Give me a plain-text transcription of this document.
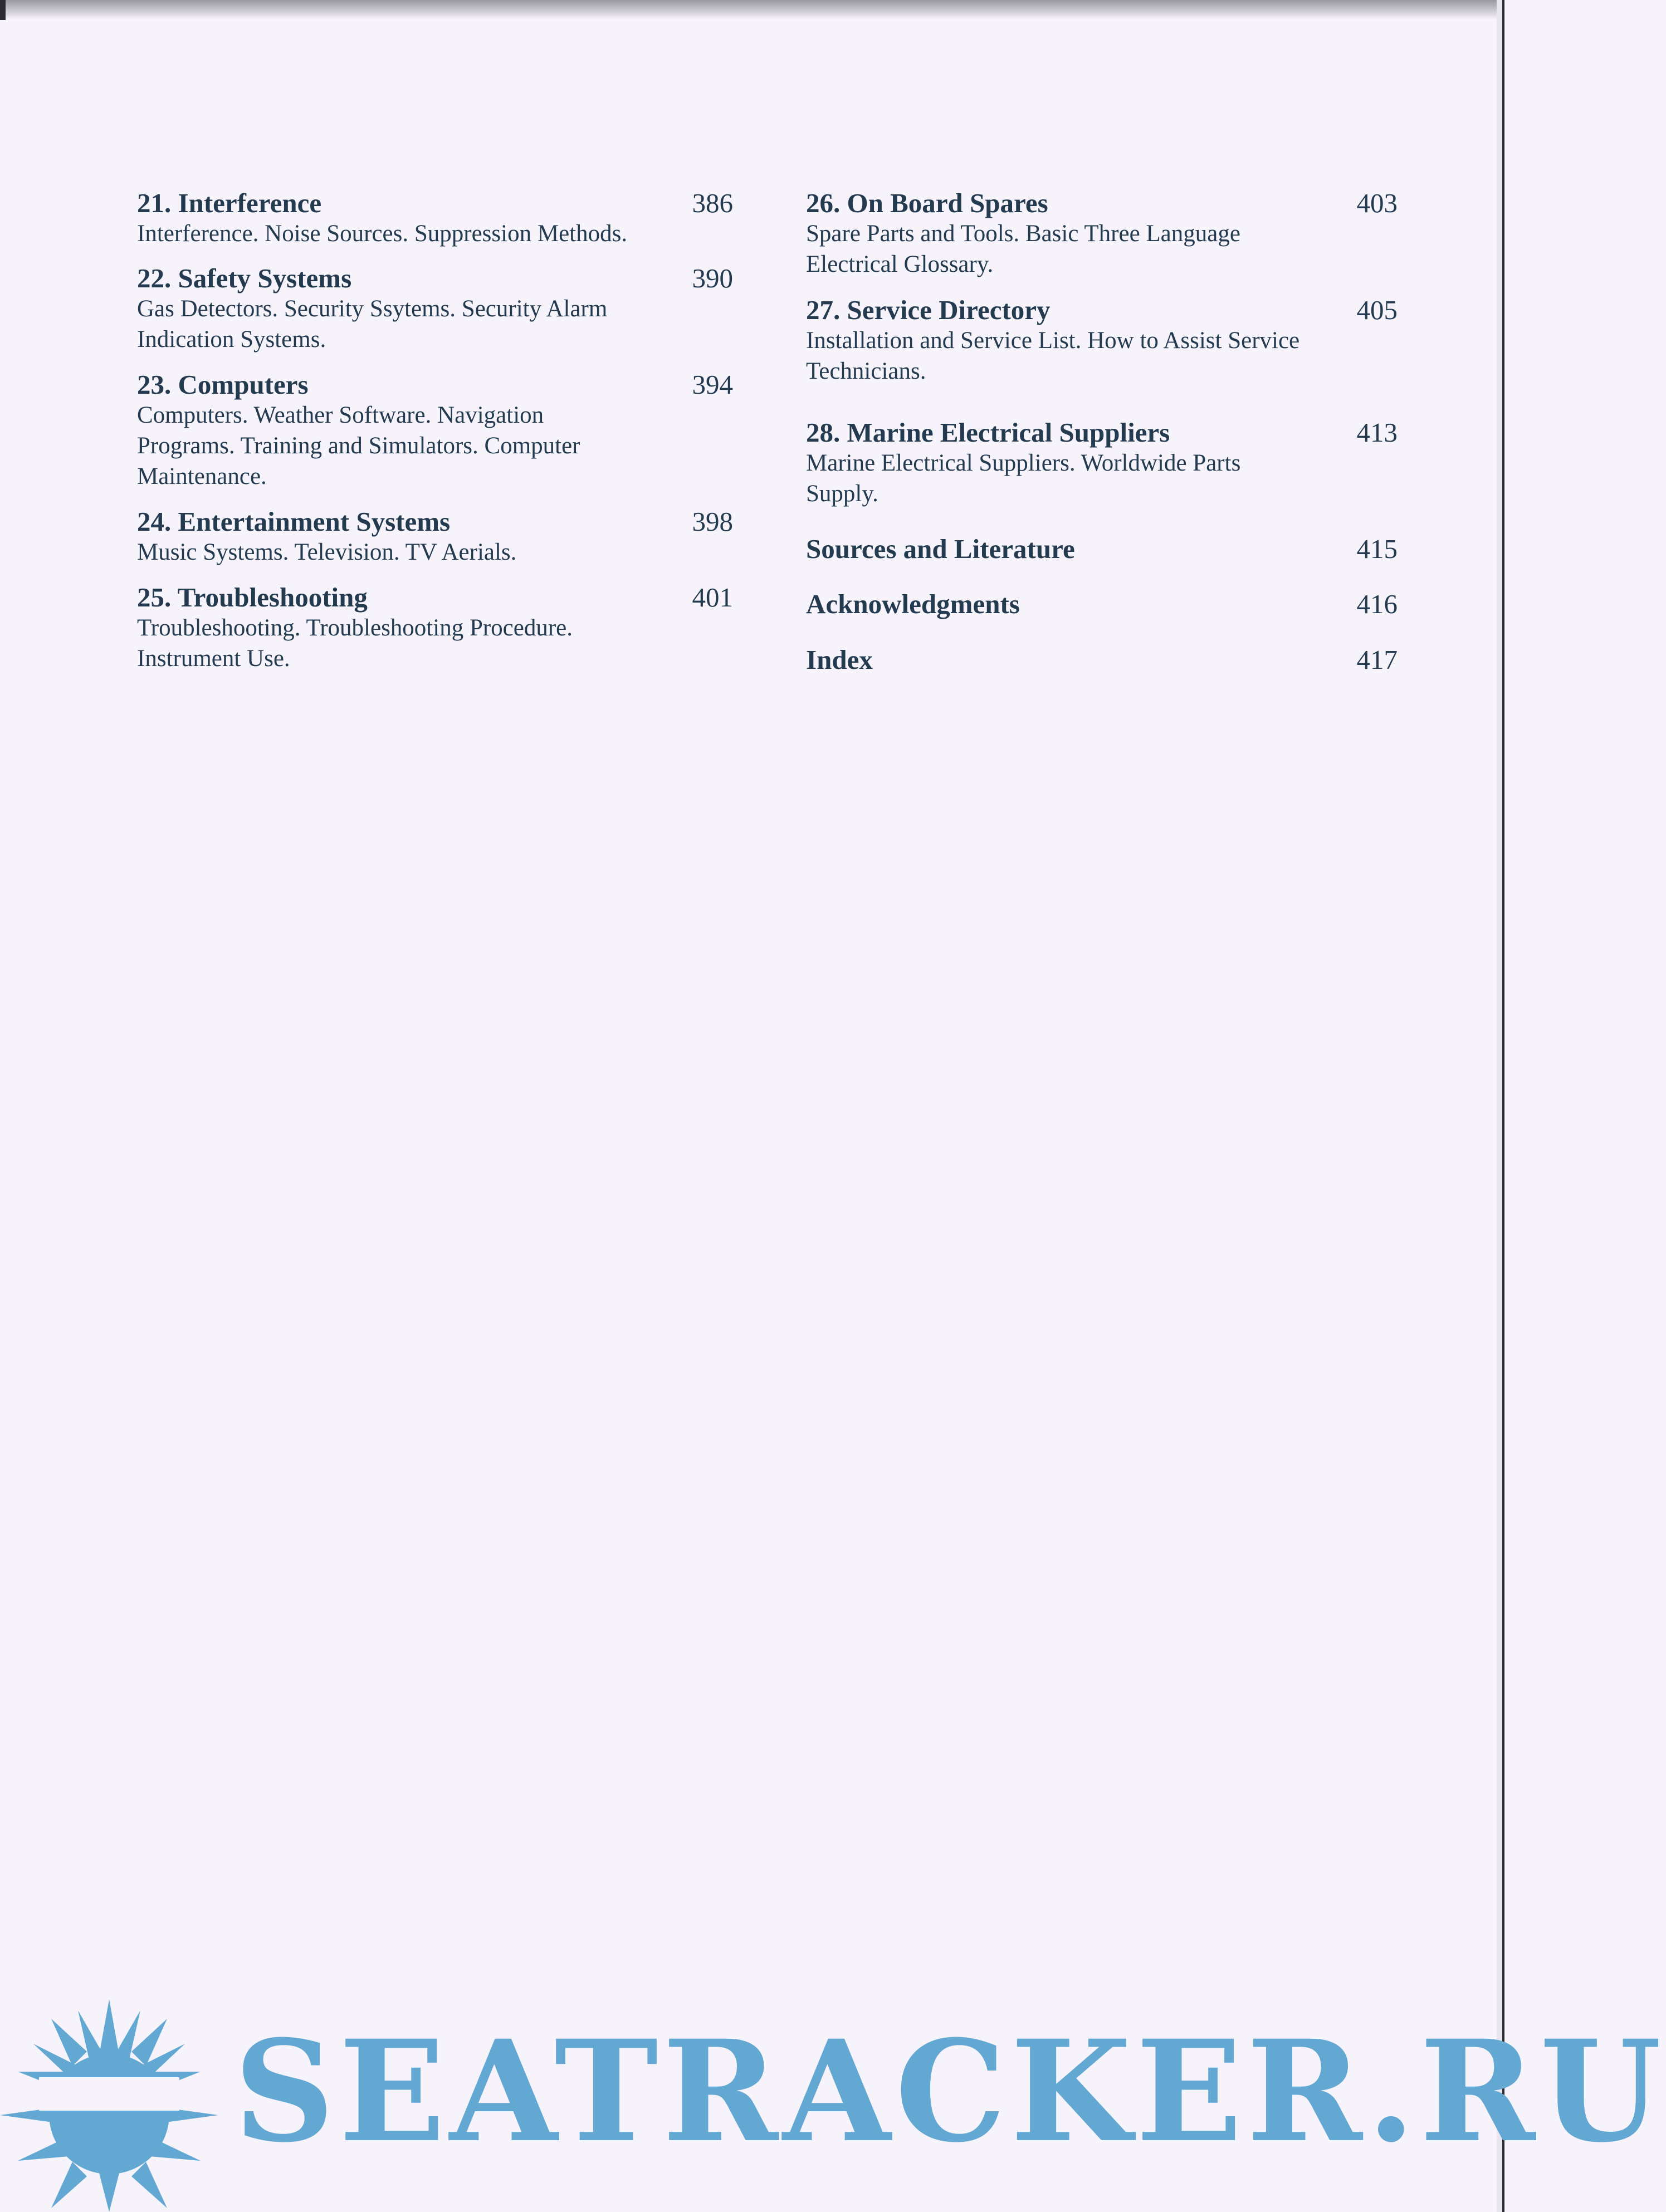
21. Interference	386
Interference. Noise Sources. Suppression Methods.
22. Safety Systems	390
Gas Detectors. Security Ssytems. Security Alarm
Indication Systems.
23. Computers	394
Computers. Weather Software. Navigation
Programs. Training and Simulators. Computer
Maintenance.
24. Entertainment Systems	398
Music Systems. Television. TV Aerials.
25. Troubleshooting	401
Troubleshooting. Troubleshooting Procedure.
Instrument Use.
26. On Board Spares	403
Spare Parts and Tools. Basic Three Language
Electrical Glossary.
27. Service Directory	405
Installation and Service List. How to Assist Service
Technicians.
28. Marine Electrical Suppliers	413
Marine Electrical Suppliers. Worldwide Parts
Supply.
Sources and Literature	415
Acknowledgments	416
Index	417
SEATRACKER.RU
